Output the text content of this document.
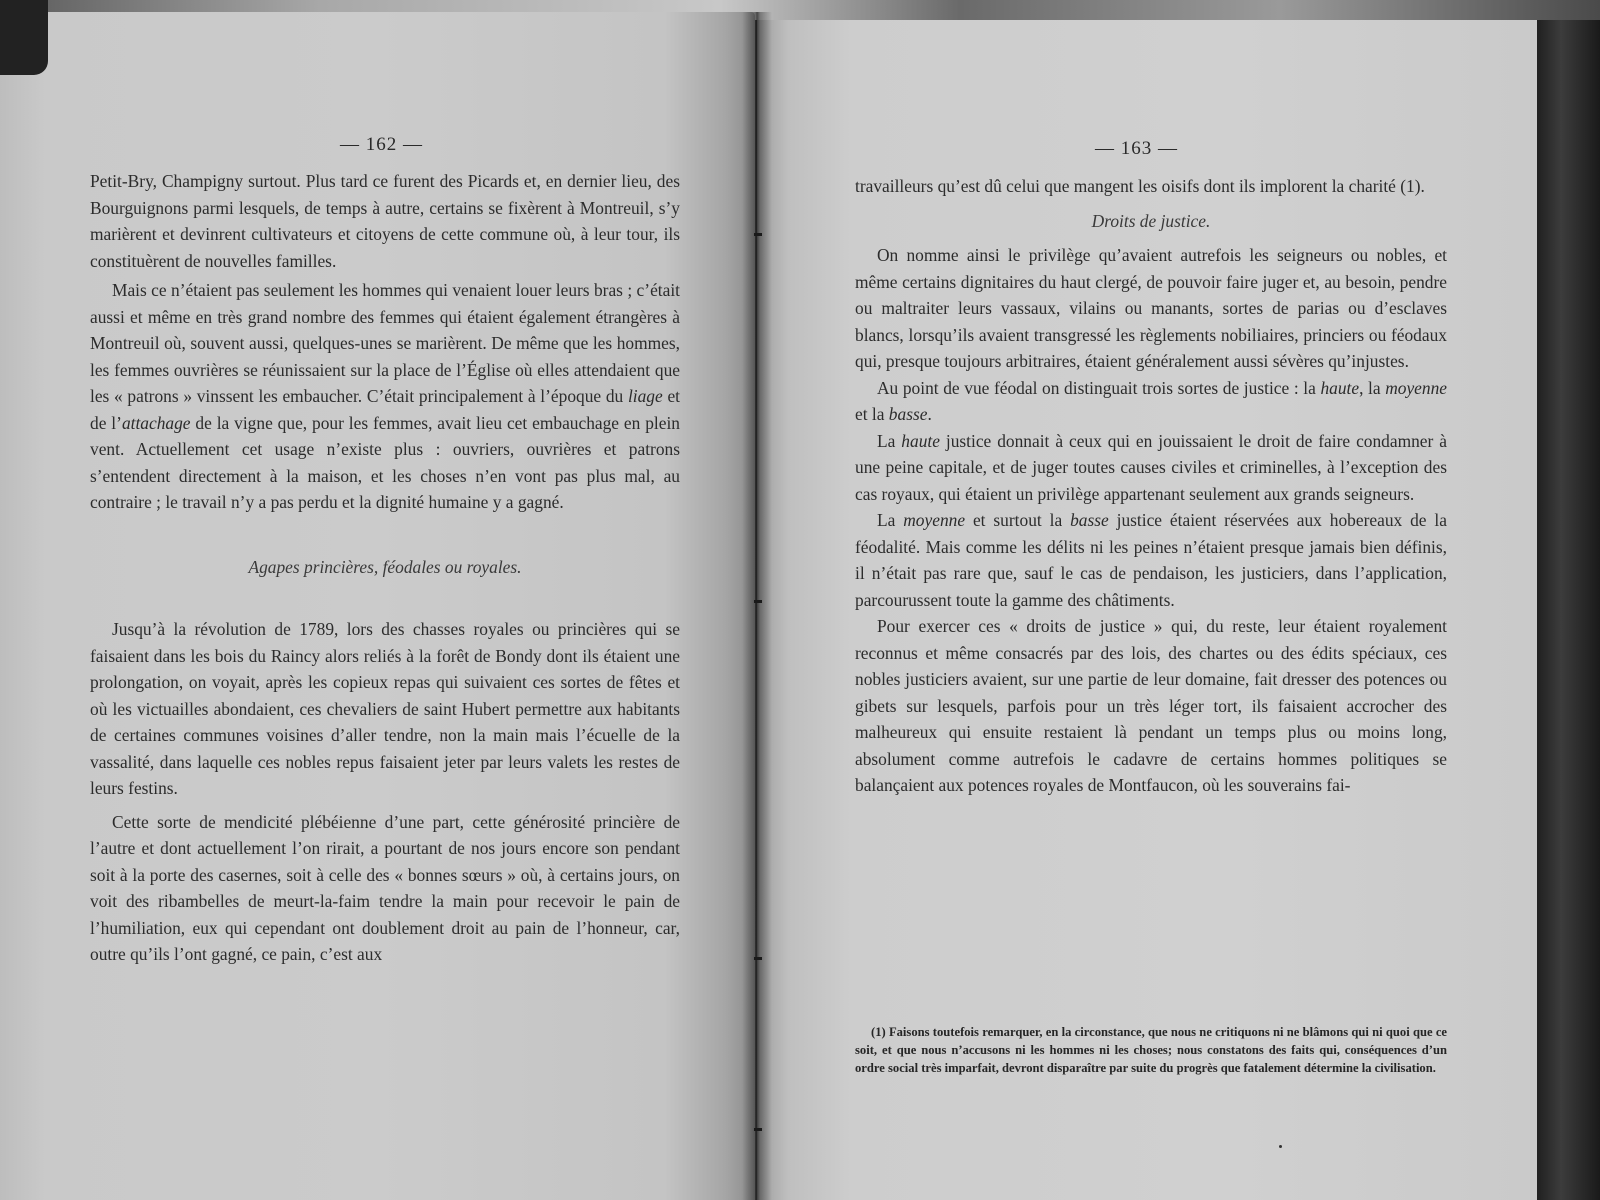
— 162 —

Petit-Bry, Champigny surtout. Plus tard ce furent des Picards et, en dernier lieu, des Bourguignons parmi lesquels, de temps à autre, certains se fixèrent à Montreuil, s’y marièrent et devinrent cultivateurs et citoyens de cette commune où, à leur tour, ils constituèrent de nouvelles familles.

Mais ce n’étaient pas seulement les hommes qui venaient louer leurs bras ; c’était aussi et même en très grand nombre des femmes qui étaient également étrangères à Montreuil où, souvent aussi, quelques-unes se marièrent. De même que les hommes, les femmes ouvrières se réunissaient sur la place de l’Église où elles attendaient que les « patrons » vinssent les embaucher. C’était principalement à l’époque du liage et de l’attachage de la vigne que, pour les femmes, avait lieu cet embauchage en plein vent. Actuellement cet usage n’existe plus : ouvriers, ouvrières et patrons s’entendent directement à la maison, et les choses n’en vont pas plus mal, au contraire ; le travail n’y a pas perdu et la dignité humaine y a gagné.

Agapes princières, féodales ou royales.

Jusqu’à la révolution de 1789, lors des chasses royales ou princières qui se faisaient dans les bois du Raincy alors reliés à la forêt de Bondy dont ils étaient une prolongation, on voyait, après les copieux repas qui suivaient ces sortes de fêtes et où les victuailles abondaient, ces chevaliers de saint Hubert permettre aux habitants de certaines communes voisines d’aller tendre, non la main mais l’écuelle de la vassalité, dans laquelle ces nobles repus faisaient jeter par leurs valets les restes de leurs festins.

Cette sorte de mendicité plébéienne d’une part, cette générosité princière de l’autre et dont actuellement l’on rirait, a pourtant de nos jours encore son pendant soit à la porte des casernes, soit à celle des « bonnes sœurs » où, à certains jours, on voit des ribambelles de meurt-la-faim tendre la main pour recevoir le pain de l’humiliation, eux qui cependant ont doublement droit au pain de l’honneur, car, outre qu’ils l’ont gagné, ce pain, c’est aux

— 163 —

travailleurs qu’est dû celui que mangent les oisifs dont ils implorent la charité (1).

Droits de justice.

On nomme ainsi le privilège qu’avaient autrefois les seigneurs ou nobles, et même certains dignitaires du haut clergé, de pouvoir faire juger et, au besoin, pendre ou maltraiter leurs vassaux, vilains ou manants, sortes de parias ou d’esclaves blancs, lorsqu’ils avaient transgressé les règlements nobiliaires, princiers ou féodaux qui, presque toujours arbitraires, étaient généralement aussi sévères qu’injustes.

Au point de vue féodal on distinguait trois sortes de justice : la haute, la moyenne et la basse.

La haute justice donnait à ceux qui en jouissaient le droit de faire condamner à une peine capitale, et de juger toutes causes civiles et criminelles, à l’exception des cas royaux, qui étaient un privilège appartenant seulement aux grands seigneurs.

La moyenne et surtout la basse justice étaient réservées aux hobereaux de la féodalité. Mais comme les délits ni les peines n’étaient presque jamais bien définis, il n’était pas rare que, sauf le cas de pendaison, les justiciers, dans l’application, parcourussent toute la gamme des châtiments.

Pour exercer ces « droits de justice » qui, du reste, leur étaient royalement reconnus et même consacrés par des lois, des chartes ou des édits spéciaux, ces nobles justiciers avaient, sur une partie de leur domaine, fait dresser des potences ou gibets sur lesquels, parfois pour un très léger tort, ils faisaient accrocher des malheureux qui ensuite restaient là pendant un temps plus ou moins long, absolument comme autrefois le cadavre de certains hommes politiques se balançaient aux potences royales de Montfaucon, où les souverains fai-

(1) Faisons toutefois remarquer, en la circonstance, que nous ne critiquons ni ne blâmons qui ni quoi que ce soit, et que nous n’accusons ni les hommes ni les choses; nous constatons des faits qui, conséquences d’un ordre social très imparfait, devront disparaître par suite du progrès que fatalement détermine la civilisation.
